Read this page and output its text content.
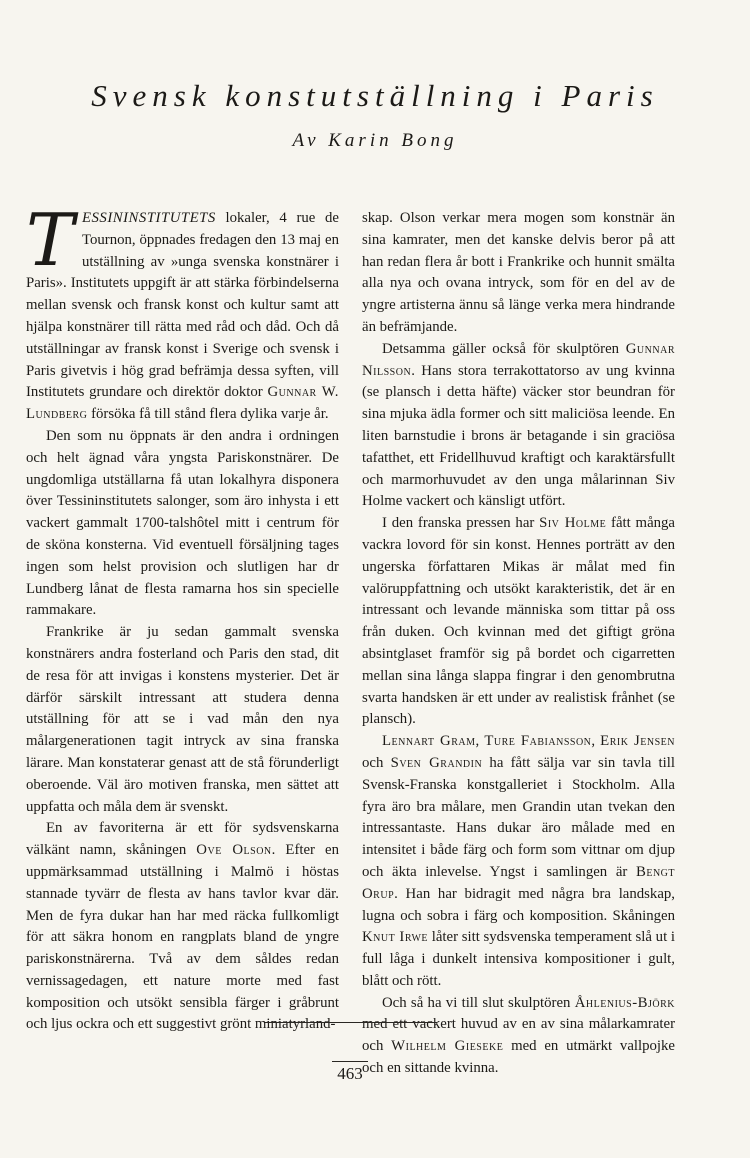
Svensk konstutställning i Paris
Av Karin Bong

TESSININSTITUTETS lokaler, 4 rue de Tournon, öppnades fredagen den 13 maj en utställning av »unga svenska konstnärer i Paris». Institutets uppgift är att stärka förbindelserna mellan svensk och fransk konst och kultur samt att hjälpa konstnärer till rätta med råd och dåd. Och då utställningar av fransk konst i Sverige och svensk i Paris givetvis i hög grad befrämja dessa syften, vill Institutets grundare och direktör doktor Gunnar W. Lundberg försöka få till stånd flera dylika varje år.

Den som nu öppnats är den andra i ordningen och helt ägnad våra yngsta Pariskonstnärer. De ungdomliga utställarna få utan lokalhyra disponera över Tessininstitutets salonger, som äro inhysta i ett vackert gammalt 1700-talshôtel mitt i centrum för de sköna konsterna. Vid eventuell försäljning tages ingen som helst provision och slutligen har dr Lundberg lånat de flesta ramarna hos sin specielle rammakare.

Frankrike är ju sedan gammalt svenska konstnärers andra fosterland och Paris den stad, dit de resa för att invigas i konstens mysterier. Det är därför särskilt intressant att studera denna utställning för att se i vad mån den nya målargenerationen tagit intryck av sina franska lärare. Man konstaterar genast att de stå förunderligt oberoende. Väl äro motiven franska, men sättet att uppfatta och måla dem är svenskt.

En av favoriterna är ett för sydsvenskarna välkänt namn, skåningen Ove Olson. Efter en uppmärksammad utställning i Malmö i höstas stannade tyvärr de flesta av hans tavlor kvar där. Men de fyra dukar han har med räcka fullkomligt för att säkra honom en rangplats bland de yngre pariskonstnärerna. Två av dem såldes redan vernissagedagen, ett nature morte med fast komposition och utsökt sensibla färger i gråbrunt och ljus ockra och ett suggestivt grönt miniatyrland-

skap. Olson verkar mera mogen som konstnär än sina kamrater, men det kanske delvis beror på att han redan flera år bott i Frankrike och hunnit smälta alla nya och ovana intryck, som för en del av de yngre artisterna ännu så länge verka mera hindrande än befrämjande.

Detsamma gäller också för skulptören Gunnar Nilsson. Hans stora terrakottatorso av ung kvinna (se plansch i detta häfte) väcker stor beundran för sina mjuka ädla former och sitt maliciösa leende. En liten barnstudie i brons är betagande i sin graciösa tafatthet, ett Fridellhuvud kraftigt och karaktärsfullt och marmorhuvudet av den unga målarinnan Siv Holme vackert och känsligt utfört.

I den franska pressen har Siv Holme fått många vackra lovord för sin konst. Hennes porträtt av den ungerska författaren Mikas är målat med fin valöruppfattning och utsökt karakteristik, det är en intressant och levande människa som tittar på oss från duken. Och kvinnan med det giftigt gröna absintglaset framför sig på bordet och cigarretten mellan sina långa slappa fingrar i den genombrutna svarta handsken är ett under av realistisk frånhet (se plansch).

Lennart Gram, Ture Fabiansson, Erik Jensen och Sven Grandin ha fått sälja var sin tavla till Svensk-Franska konstgalleriet i Stockholm. Alla fyra äro bra målare, men Grandin utan tvekan den intressantaste. Hans dukar äro målade med en intensitet i både färg och form som vittnar om djup och äkta inlevelse. Yngst i samlingen är Bengt Orup. Han har bidragit med några bra landskap, lugna och sobra i färg och komposition. Skåningen Knut Irwe låter sitt sydsvenska temperament slå ut i full låga i dunkelt intensiva kompositioner i gult, blått och rött.

Och så ha vi till slut skulptören Åhlenius-Björk med ett vackert huvud av en av sina målarkamrater och Wilhelm Gieseke med en utmärkt vallpojke och en sittande kvinna.

463
